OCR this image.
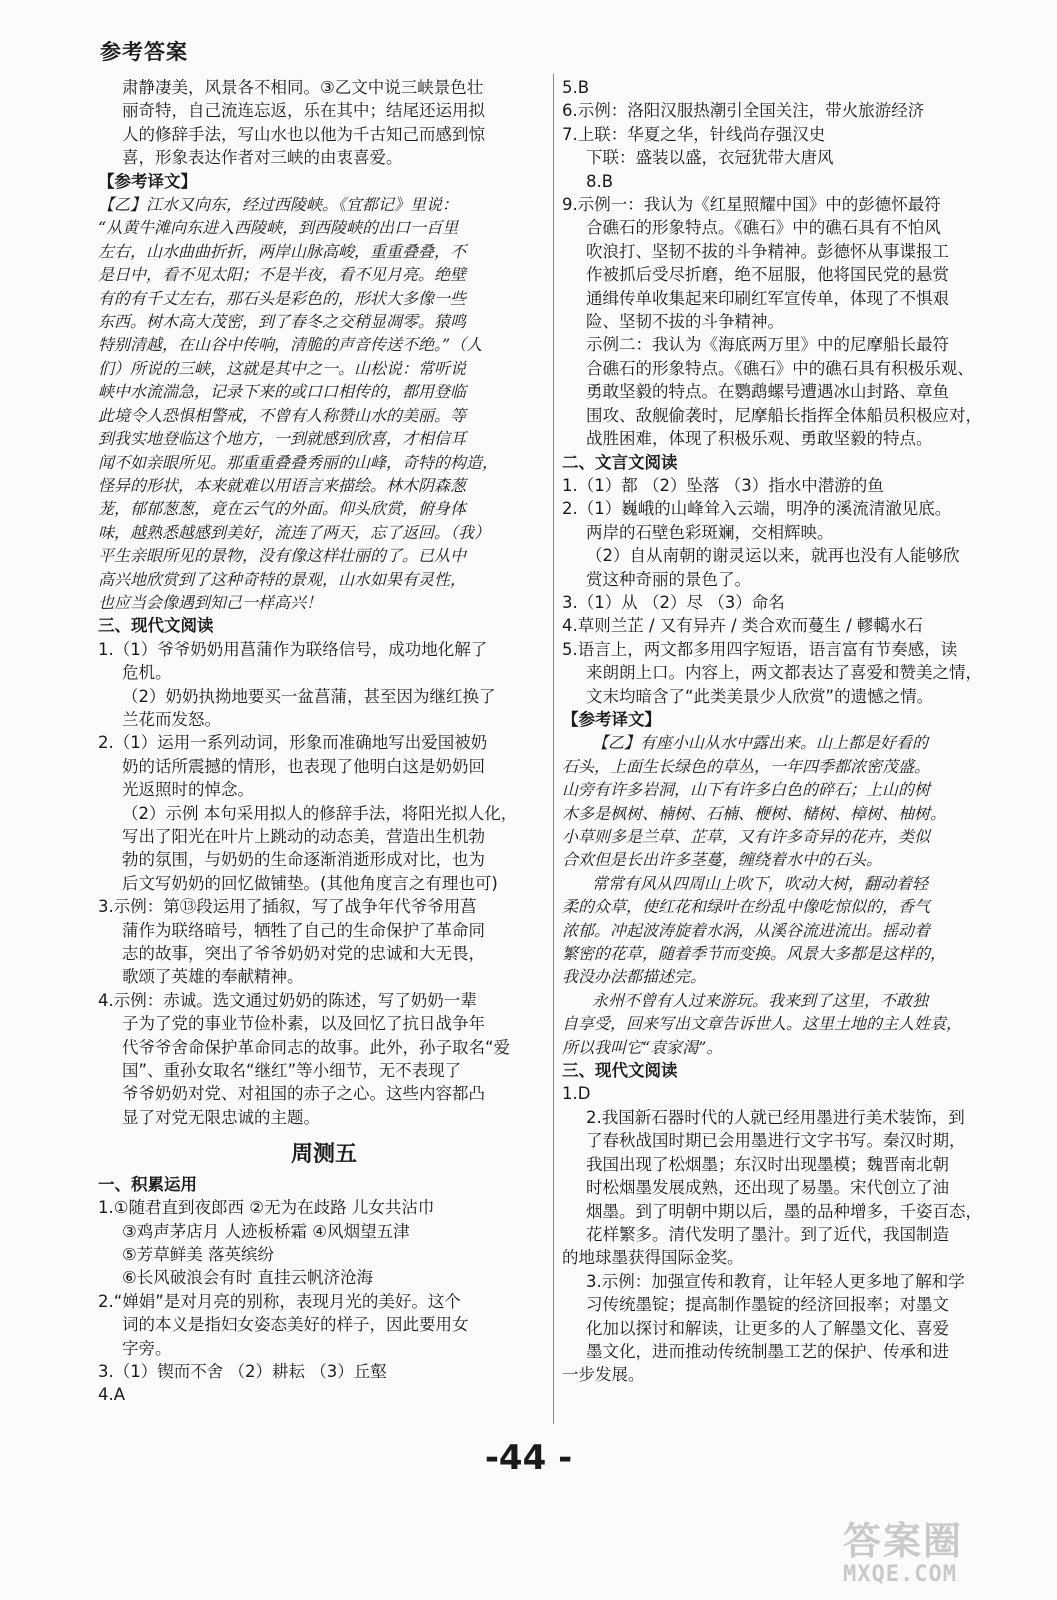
参考答案
肃静凄美，风景各不相同。③乙文中说三峡景色壮
丽奇特，自己流连忘返，乐在其中；结尾还运用拟
人的修辞手法，写山水也以他为千古知己而感到惊
喜，形象表达作者对三峡的由衷喜爱。
【参考译文】
【乙】江水又向东，经过西陵峡。《宜都记》里说：
“从黄牛滩向东进入西陵峡，到西陵峡的出口一百里
左右，山水曲曲折折，两岸山脉高峻，重重叠叠，不
是日中，看不见太阳；不是半夜，看不见月亮。绝壁
有的有千丈左右，那石头是彩色的，形状大多像一些
东西。树木高大茂密，到了春冬之交稍显凋零。猿鸣
特别清越，在山谷中传响，清脆的声音传送不绝。”（人
们）所说的三峡，这就是其中之一。山松说：常听说
峡中水流湍急，记录下来的或口口相传的，都用登临
此境令人恐惧相警戒，不曾有人称赞山水的美丽。等
到我实地登临这个地方，一到就感到欣喜，才相信耳
闻不如亲眼所见。那重重叠叠秀丽的山峰，奇特的构造，
怪异的形状，本来就难以用语言来描绘。林木阴森葱
茏，郁郁葱葱，竟在云气的外面。仰头欣赏，俯身体
味，越熟悉越感到美好，流连了两天，忘了返回。（我）
平生亲眼所见的景物，没有像这样壮丽的了。已从中
高兴地欣赏到了这种奇特的景观，山水如果有灵性，
也应当会像遇到知己一样高兴！
三、现代文阅读
1.（1）爷爷奶奶用菖蒲作为联络信号，成功地化解了
危机。
（2）奶奶执拗地要买一盆菖蒲，甚至因为继红换了
兰花而发怒。
2.（1）运用一系列动词，形象而准确地写出爱国被奶
奶的话所震撼的情形，也表现了他明白这是奶奶回
光返照时的悼念。
（2）示例 本句采用拟人的修辞手法，将阳光拟人化，
写出了阳光在叶片上跳动的动态美，营造出生机勃
勃的氛围，与奶奶的生命逐渐消逝形成对比，也为
后文写奶奶的回忆做铺垫。(其他角度言之有理也可)
3.示例：第⑬段运用了插叙，写了战争年代爷爷用菖
蒲作为联络暗号，牺牲了自己的生命保护了革命同
志的故事，突出了爷爷奶奶对党的忠诚和大无畏，
歌颂了英雄的奉献精神。
4.示例：赤诚。选文通过奶奶的陈述，写了奶奶一辈
子为了党的事业节俭朴素，以及回忆了抗日战争年
代爷爷舍命保护革命同志的故事。此外，孙子取名“爱
国”、重孙女取名“继红”等小细节，无不表现了
爷爷奶奶对党、对祖国的赤子之心。这些内容都凸
显了对党无限忠诚的主题。
周测五
一、积累运用
1.①随君直到夜郎西 ②无为在歧路 儿女共沾巾
③鸡声茅店月 人迹板桥霜 ④风烟望五津
⑤芳草鲜美 落英缤纷
⑥长风破浪会有时 直挂云帆济沧海
2.“婵娟”是对月亮的别称，表现月光的美好。这个
词的本义是指妇女姿态美好的样子，因此要用女
字旁。
3.（1）锲而不舍 （2）耕耘 （3）丘壑
4.A
5.B
6.示例：洛阳汉服热潮引全国关注，带火旅游经济
7.上联：华夏之华，针线尚存强汉史
下联：盛装以盛，衣冠犹带大唐风
8.B
9.示例一：我认为《红星照耀中国》中的彭德怀最符
合礁石的形象特点。《礁石》中的礁石具有不怕风
吹浪打、坚韧不拔的斗争精神。彭德怀从事谍报工
作被抓后受尽折磨，绝不屈服，他将国民党的悬赏
通缉传单收集起来印刷红军宣传单，体现了不惧艰
险、坚韧不拔的斗争精神。
示例二：我认为《海底两万里》中的尼摩船长最符
合礁石的形象特点。《礁石》中的礁石具有积极乐观、
勇敢坚毅的特点。在鹦鹉螺号遭遇冰山封路、章鱼
围攻、敌舰偷袭时，尼摩船长指挥全体船员积极应对，
战胜困难，体现了积极乐观、勇敢坚毅的特点。
二、文言文阅读
1.（1）都 （2）坠落 （3）指水中潜游的鱼
2.（1）巍峨的山峰耸入云端，明净的溪流清澈见底。
两岸的石壁色彩斑斓，交相辉映。
（2）自从南朝的谢灵运以来，就再也没有人能够欣
赏这种奇丽的景色了。
3.（1）从 （2）尽 （3）命名
4.草则兰芷 / 又有异卉 / 类合欢而蔓生 / 轇轕水石
5.语言上，两文都多用四字短语，语言富有节奏感，读
来朗朗上口。内容上，两文都表达了喜爱和赞美之情，
文末均暗含了“此类美景少人欣赏”的遗憾之情。
【参考译文】
【乙】有座小山从水中露出来。山上都是好看的
石头，上面生长绿色的草丛，一年四季都浓密茂盛。
山旁有许多岩洞，山下有许多白色的碎石；上山的树
木多是枫树、楠树、石楠、楩树、槠树、樟树、柚树。
小草则多是兰草、芷草，又有许多奇异的花卉，类似
合欢但是长出许多茎蔓，缠绕着水中的石头。
常常有风从四周山上吹下，吹动大树，翻动着轻
柔的众草，使红花和绿叶在纷乱中像吃惊似的，香气
浓郁。冲起波涛旋着水涡，从溪谷流进流出。摇动着
繁密的花草，随着季节而变换。风景大多都是这样的，
我没办法都描述完。
永州不曾有人过来游玩。我来到了这里，不敢独
自享受，回来写出文章告诉世人。这里土地的主人姓袁，
所以我叫它“袁家渴”。
三、现代文阅读
1.D
2.我国新石器时代的人就已经用墨进行美术装饰，到
了春秋战国时期已会用墨进行文字书写。秦汉时期，
我国出现了松烟墨；东汉时出现墨模；魏晋南北朝
时松烟墨发展成熟，还出现了易墨。宋代创立了油
烟墨。到了明朝中期以后，墨的品种增多，千姿百态，
花样繁多。清代发明了墨汁。到了近代，我国制造
的地球墨获得国际金奖。
3.示例：加强宣传和教育，让年轻人更多地了解和学
习传统墨锭；提高制作墨锭的经济回报率；对墨文
化加以探讨和解读，让更多的人了解墨文化、喜爱
墨文化，进而推动传统制墨工艺的保护、传承和进
一步发展。
-44 -
答案圈
MXQE.COM
